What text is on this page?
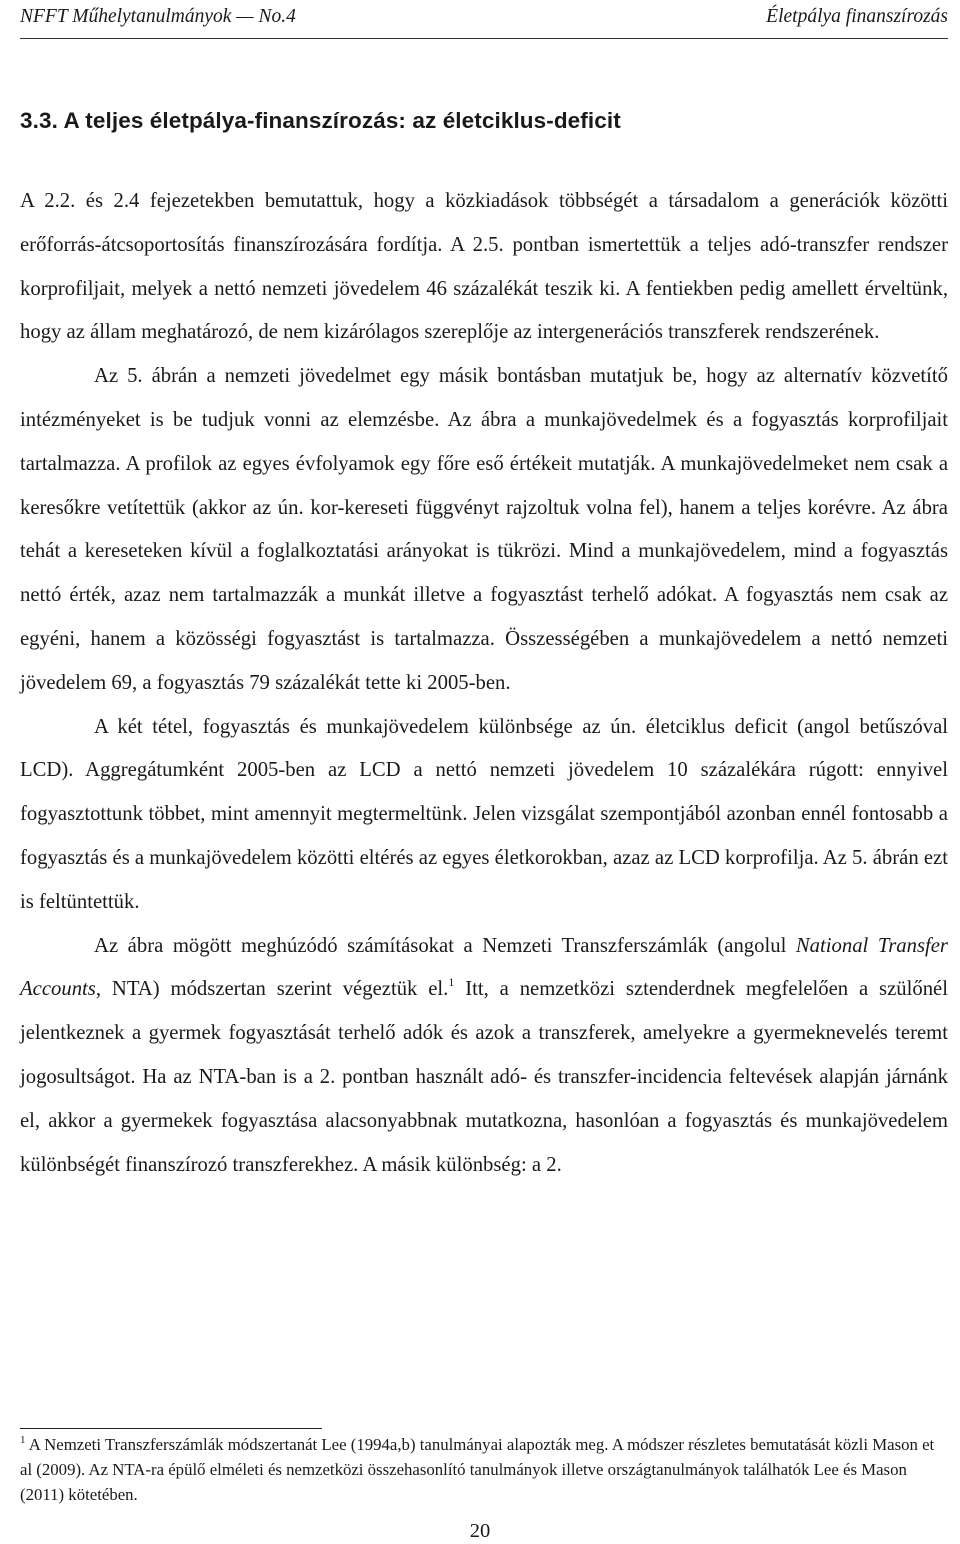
NFFT Műhelytanulmányok — No.4	Életpálya finanszírozás
3.3. A teljes életpálya-finanszírozás: az életciklus-deficit

A 2.2. és 2.4 fejezetekben bemutattuk, hogy a közkiadások többségét a társadalom a generációk közötti erőforrás-átcsoportosítás finanszírozására fordítja. A 2.5. pontban ismertettük a teljes adó-transzfer rendszer korprofiljait, melyek a nettó nemzeti jövedelem 46 százalékát teszik ki. A fentiekben pedig amellett érveltünk, hogy az állam meghatározó, de nem kizárólagos szereplője az intergenerációs transzferek rendszerének.

Az 5. ábrán a nemzeti jövedelmet egy másik bontásban mutatjuk be, hogy az alternatív közvetítő intézményeket is be tudjuk vonni az elemzésbe. Az ábra a munkajövedelmek és a fogyasztás korprofiljait tartalmazza. A profilok az egyes évfolyamok egy főre eső értékeit mutatják. A munkajövedelmeket nem csak a keresőkre vetítettük (akkor az ún. kor-kereseti függvényt rajzoltuk volna fel), hanem a teljes korévre. Az ábra tehát a kereseteken kívül a foglalkoztatási arányokat is tükrözi. Mind a munkajövedelem, mind a fogyasztás nettó érték, azaz nem tartalmazzák a munkát illetve a fogyasztást terhelő adókat. A fogyasztás nem csak az egyéni, hanem a közösségi fogyasztást is tartalmazza. Összességében a munkajövedelem a nettó nemzeti jövedelem 69, a fogyasztás 79 százalékát tette ki 2005-ben.

A két tétel, fogyasztás és munkajövedelem különbsége az ún. életciklus deficit (angol betűszóval LCD). Aggregátumként 2005-ben az LCD a nettó nemzeti jövedelem 10 százalékára rúgott: ennyivel fogyasztottunk többet, mint amennyit megtermeltünk. Jelen vizsgálat szempontjából azonban ennél fontosabb a fogyasztás és a munkajövedelem közötti eltérés az egyes életkorokban, azaz az LCD korprofilja. Az 5. ábrán ezt is feltüntettük.

Az ábra mögött meghúzódó számításokat a Nemzeti Transzferszámlák (angolul National Transfer Accounts, NTA) módszertan szerint végeztük el.$^1$ Itt, a nemzetközi sztenderdnek megfelelően a szülőnél jelentkeznek a gyermek fogyasztását terhelő adók és azok a transzferek, amelyekre a gyermeknevelés teremt jogosultságot. Ha az NTA-ban is a 2. pontban használt adó- és transzfer-incidencia feltevések alapján járnánk el, akkor a gyermekek fogyasztása alacsonyabbnak mutatkozna, hasonlóan a fogyasztás és munkajövedelem különbségét finanszírozó transzferekhez. A másik különbség: a 2.

$^1$ A Nemzeti Transzferszámlák módszertanát Lee (1994a,b) tanulmányai alapozták meg. A módszer részletes bemutatását közli Mason et al (2009). Az NTA-ra épülő elméleti és nemzetközi összehasonlító tanulmányok illetve országtanulmányok találhatók Lee és Mason (2011) kötetében.
20
